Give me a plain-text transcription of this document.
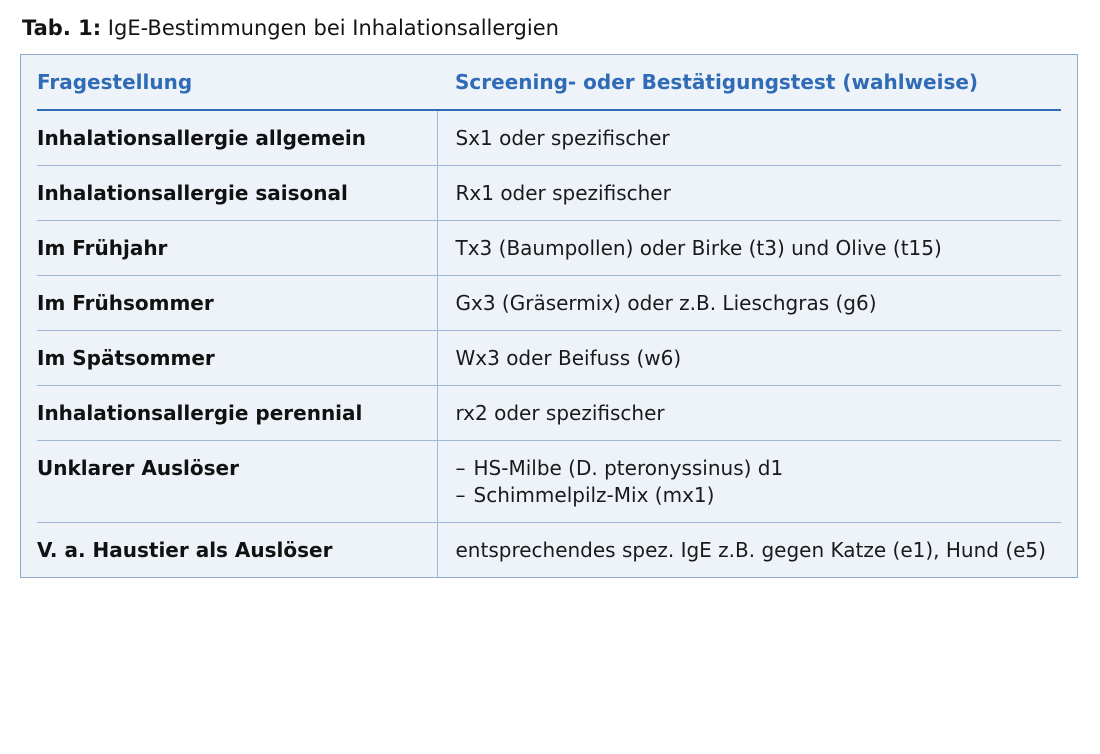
Tab. 1: IgE-Bestimmungen bei Inhalationsallergien
Fragestellung	Screening- oder Bestätigungstest (wahlweise)
Inhalationsallergie allgemein	Sx1 oder spezifischer

Inhalationsallergie saisonal	Rx1 oder spezifischer

Im Frühjahr	Tx3 (Baumpollen) oder Birke (t3) und Olive (t15)

Im Frühsommer	Gx3 (Gräsermix) oder z.B. Lieschgras (g6)

Im Spätsommer	Wx3 oder Beifuss (w6)

Inhalationsallergie perennial	rx2 oder spezifischer

Unklarer Auslöser	– HS-Milbe (D. pteronyssinus) d1
– Schimmelpilz-Mix (mx1)

V. a. Haustier als Auslöser	entsprechendes spez. IgE z.B. gegen Katze (e1), Hund (e5)
